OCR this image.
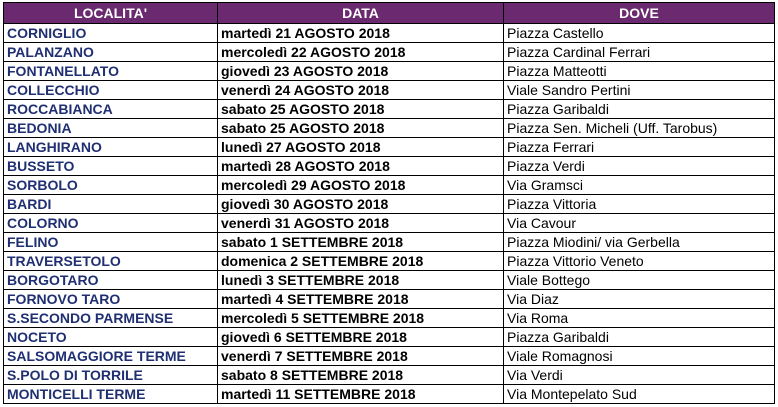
LOCALITA'	DATA	DOVE
CORNIGLIO	martedì 21 AGOSTO 2018	Piazza Castello
PALANZANO	mercoledì 22 AGOSTO 2018	Piazza Cardinal Ferrari
FONTANELLATO	giovedì 23 AGOSTO 2018	Piazza Matteotti
COLLECCHIO	venerdì 24 AGOSTO 2018	Viale Sandro Pertini
ROCCABIANCA	sabato 25 AGOSTO 2018	Piazza Garibaldi
BEDONIA	sabato 25 AGOSTO 2018	Piazza Sen. Micheli (Uff. Tarobus)
LANGHIRANO	lunedì 27 AGOSTO 2018	Piazza Ferrari
BUSSETO	martedì 28 AGOSTO 2018	Piazza Verdi
SORBOLO	mercoledì 29 AGOSTO 2018	Via Gramsci
BARDI	giovedì 30 AGOSTO 2018	Piazza Vittoria
COLORNO	venerdì 31 AGOSTO 2018	Via Cavour
FELINO	sabato 1 SETTEMBRE 2018	Piazza Miodini/ via Gerbella
TRAVERSETOLO	domenica 2 SETTEMBRE 2018	Piazza Vittorio Veneto
BORGOTARO	lunedì 3 SETTEMBRE 2018	Viale Bottego
FORNOVO TARO	martedì 4 SETTEMBRE 2018	Via Diaz
S.SECONDO PARMENSE	mercoledì 5 SETTEMBRE 2018	Via Roma
NOCETO	giovedì 6 SETTEMBRE 2018	Piazza Garibaldi
SALSOMAGGIORE TERME	venerdì 7 SETTEMBRE 2018	Viale Romagnosi
S.POLO DI TORRILE	sabato 8 SETTEMBRE 2018	Via Verdi
MONTICELLI TERME	martedì 11 SETTEMBRE 2018	Via Montepelato Sud
